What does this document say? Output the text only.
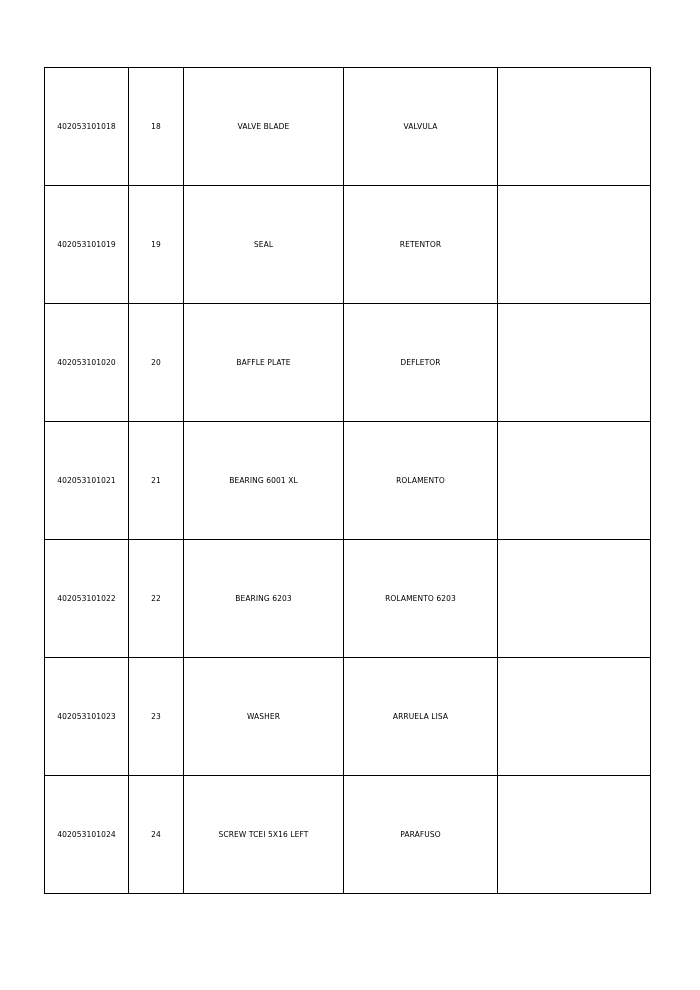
402053101018	18	VALVE BLADE	VALVULA	
402053101019	19	SEAL	RETENTOR	
402053101020	20	BAFFLE PLATE	DEFLETOR	
402053101021	21	BEARING 6001 XL	ROLAMENTO	
402053101022	22	BEARING 6203	ROLAMENTO 6203	
402053101023	23	WASHER	ARRUELA LISA	
402053101024	24	SCREW TCEI 5X16 LEFT	PARAFUSO	
